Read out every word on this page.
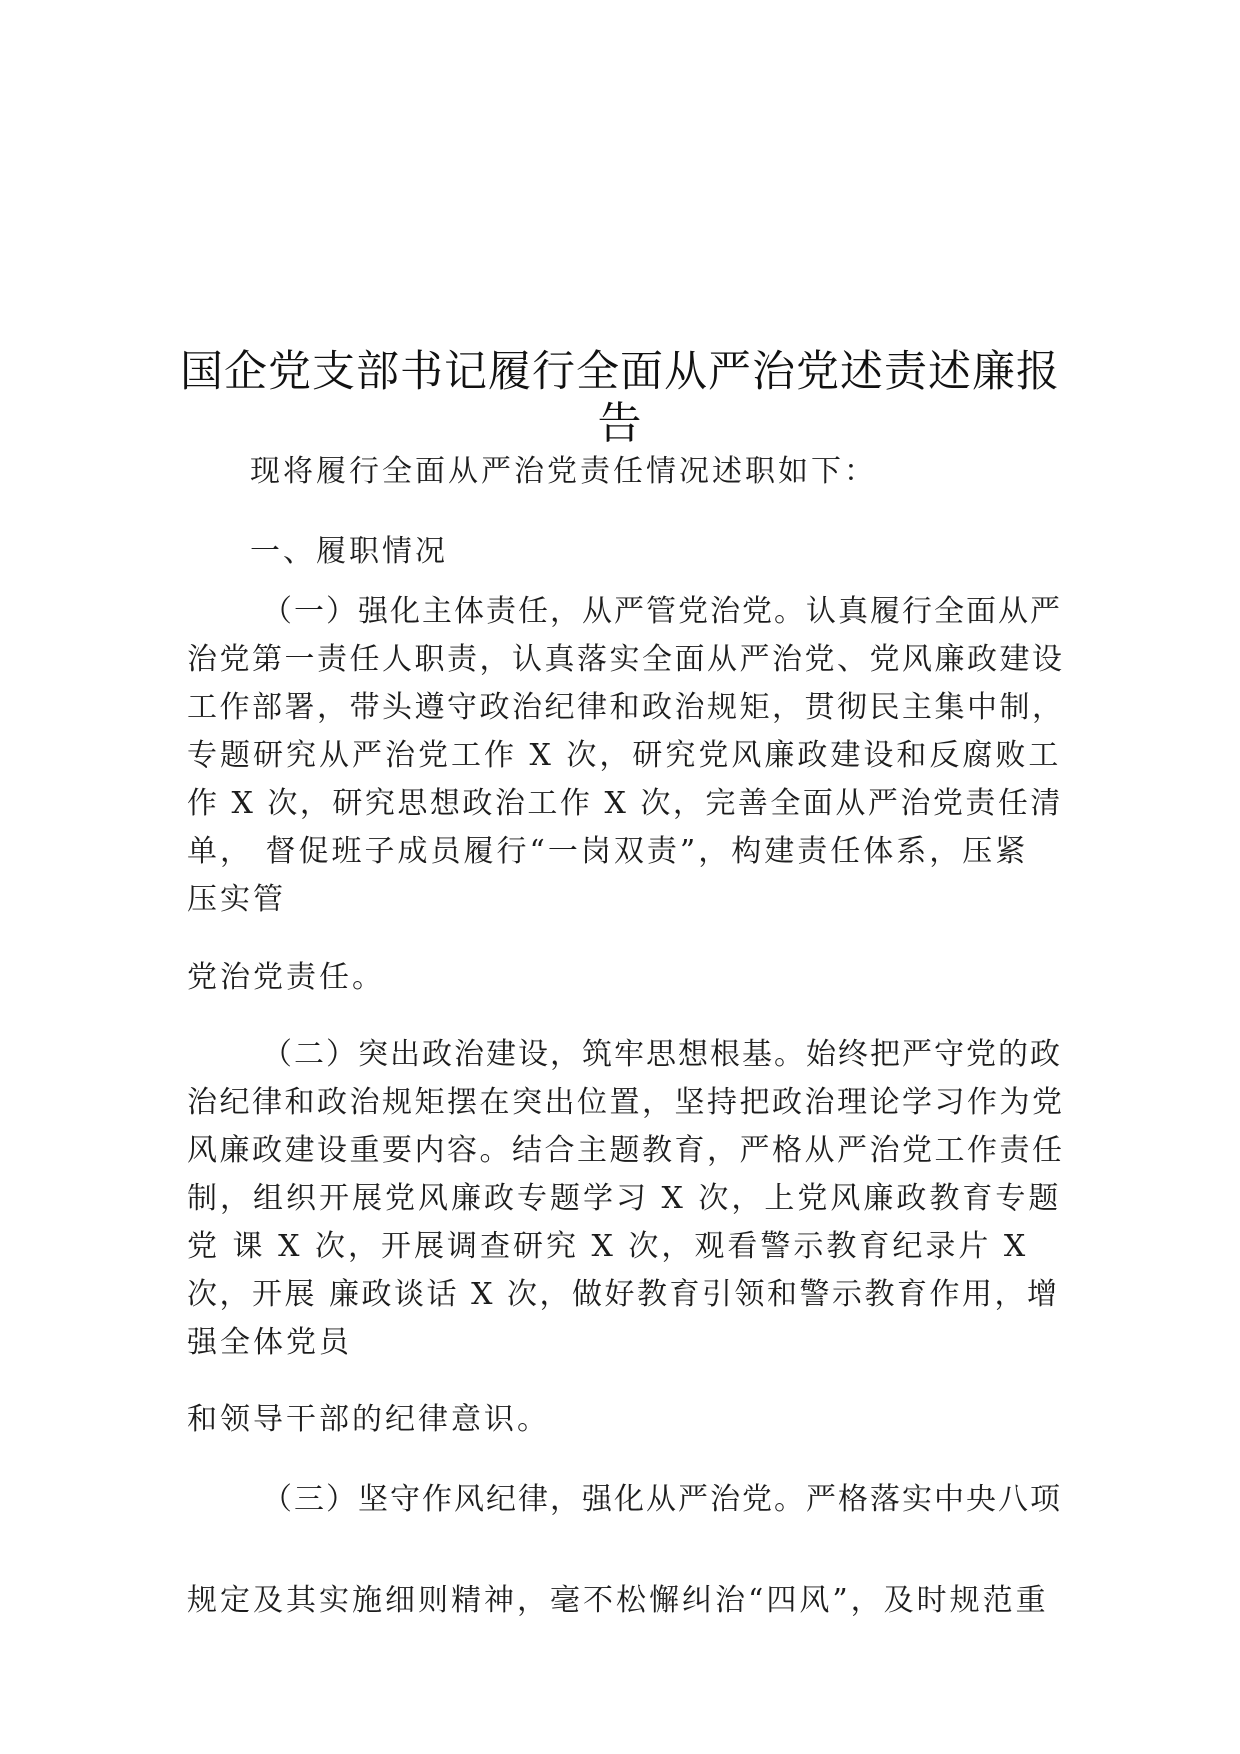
国企党支部书记履行全面从严治党述责述廉报
告
现将履行全面从严治党责任情况述职如下：
一、履职情况
（一）强化主体责任，从严管党治党。认真履行全面从严
治党第一责任人职责，认真落实全面从严治党、党风廉政建设
工作部署，带头遵守政治纪律和政治规矩，贯彻民主集中制，
专题研究从严治党工作 X 次，研究党风廉政建设和反腐败工
作 X 次，研究思想政治工作 X 次，完善全面从严治党责任清
单， 督促班子成员履行“一岗双责”，构建责任体系，压紧
压实管
党治党责任。
（二）突出政治建设，筑牢思想根基。始终把严守党的政
治纪律和政治规矩摆在突出位置，坚持把政治理论学习作为党
风廉政建设重要内容。结合主题教育，严格从严治党工作责任
制，组织开展党风廉政专题学习 X 次，上党风廉政教育专题
党 课 X 次，开展调查研究 X 次，观看警示教育纪录片 X
次，开展 廉政谈话 X 次，做好教育引领和警示教育作用，增
强全体党员
和领导干部的纪律意识。
（三）坚守作风纪律，强化从严治党。严格落实中央八项
规定及其实施细则精神，毫不松懈纠治“四风”，及时规范重
